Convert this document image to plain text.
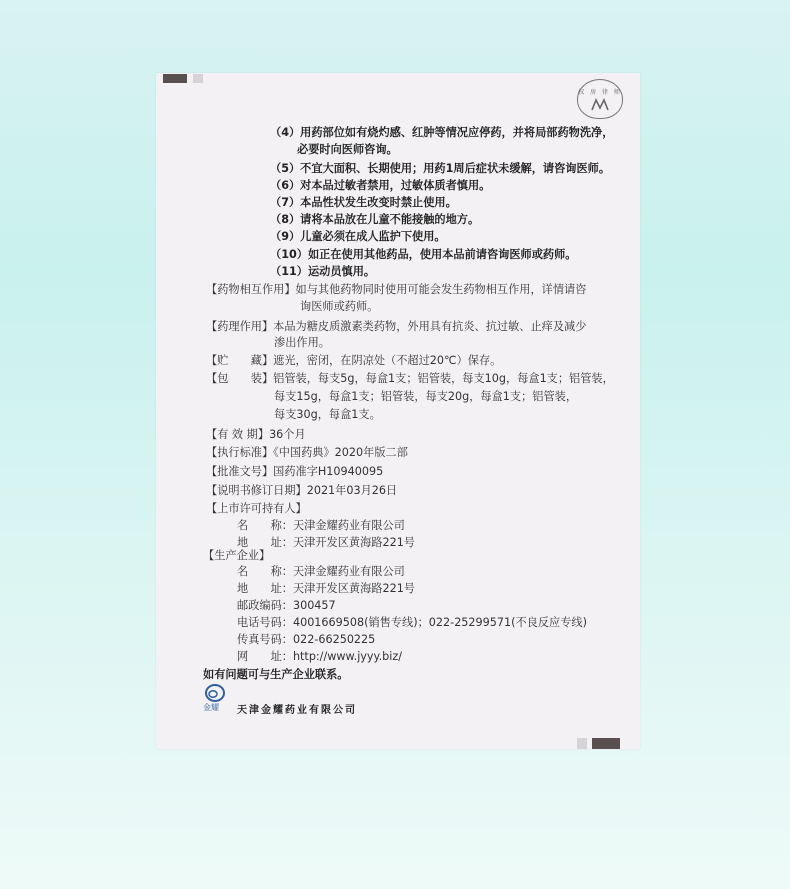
权 房 律 师
（4）用药部位如有烧灼感、红肿等情况应停药，并将局部药物洗净，
必要时向医师咨询。
（5）不宜大面积、长期使用；用药1周后症状未缓解，请咨询医师。
（6）对本品过敏者禁用，过敏体质者慎用。
（7）本品性状发生改变时禁止使用。
（8）请将本品放在儿童不能接触的地方。
（9）儿童必须在成人监护下使用。
（10）如正在使用其他药品，使用本品前请咨询医师或药师。
（11）运动员慎用。
【药物相互作用】如与其他药物同时使用可能会发生药物相互作用，详情请咨
询医师或药师。
【药理作用】本品为糖皮质激素类药物，外用具有抗炎、抗过敏、止痒及减少
渗出作用。
【贮　　藏】遮光，密闭，在阴凉处（不超过20℃）保存。
【包　　装】铝管装，每支5g，每盒1支；铝管装，每支10g，每盒1支；铝管装，
每支15g，每盒1支；铝管装，每支20g，每盒1支；铝管装，
每支30g，每盒1支。
【有 效 期】36个月
【执行标准】《中国药典》2020年版二部
【批准文号】国药准字H10940095
【说明书修订日期】2021年03月26日
【上市许可持有人】
名　　称：天津金耀药业有限公司
地　　址：天津开发区黄海路221号
【生产企业】
名　　称：天津金耀药业有限公司
地　　址：天津开发区黄海路221号
邮政编码：300457
电话号码：4001669508(销售专线)；022-25299571(不良反应专线)
传真号码：022-66250225
网　　址：http://www.jyyy.biz/
如有问题可与生产企业联系。
金耀 天津金耀药业有限公司
